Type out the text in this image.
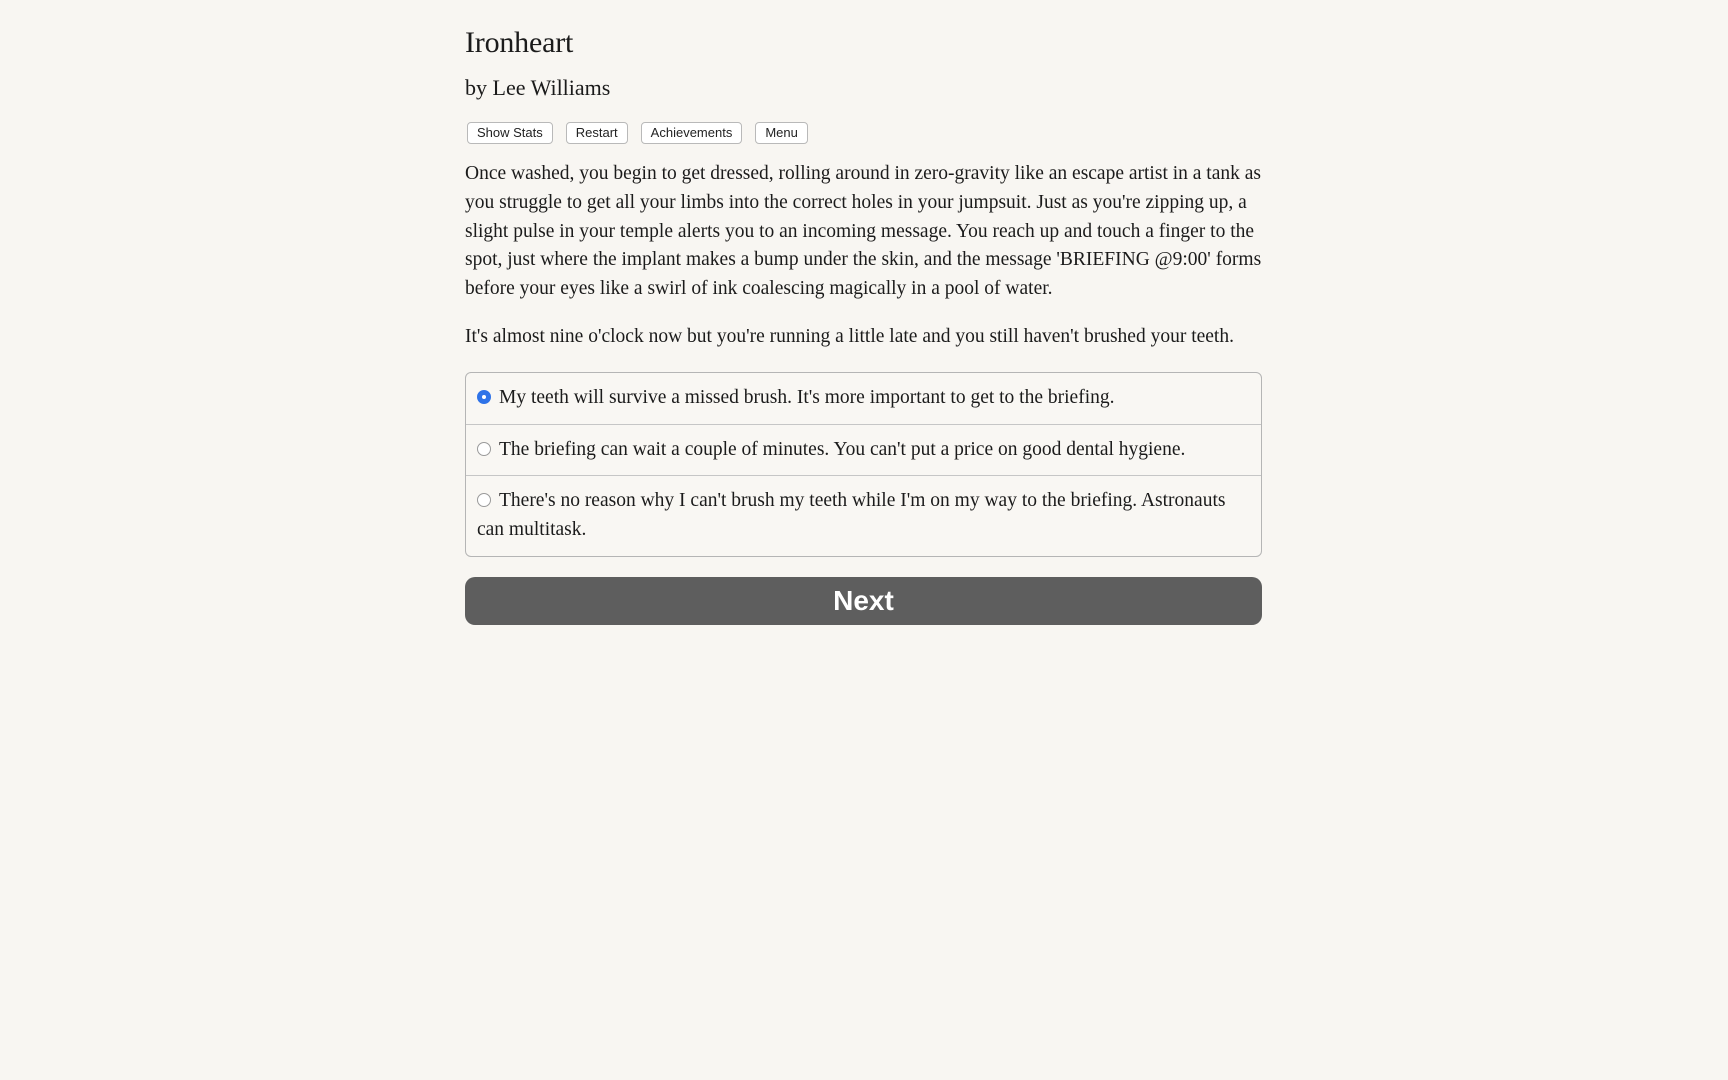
Ironheart
by Lee Williams
Show Stats	Restart	Achievements	Menu

Once washed, you begin to get dressed, rolling around in zero-gravity like an escape artist in a tank as you struggle to get all your limbs into the correct holes in your jumpsuit. Just as you're zipping up, a slight pulse in your temple alerts you to an incoming message. You reach up and touch a finger to the spot, just where the implant makes a bump under the skin, and the message 'BRIEFING @9:00' forms before your eyes like a swirl of ink coalescing magically in a pool of water.

It's almost nine o'clock now but you're running a little late and you still haven't brushed your teeth.

My teeth will survive a missed brush. It's more important to get to the briefing.
The briefing can wait a couple of minutes. You can't put a price on good dental hygiene.
There's no reason why I can't brush my teeth while I'm on my way to the briefing. Astronauts can multitask.
Next
